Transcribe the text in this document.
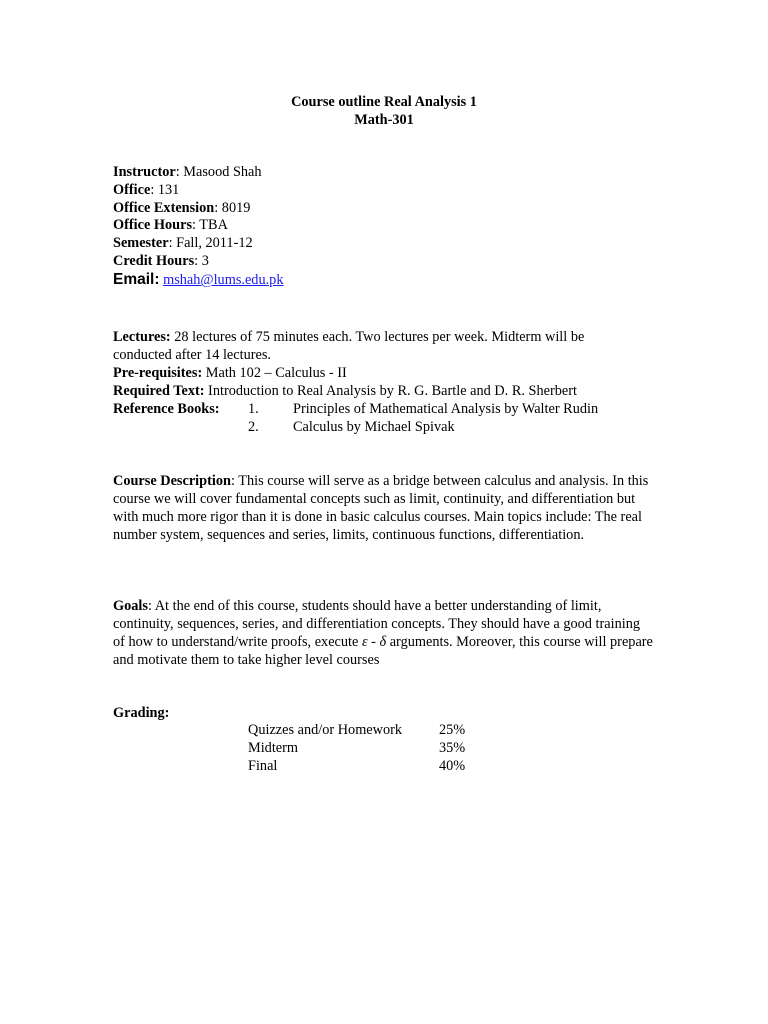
Course outline Real Analysis 1
Math-301
Instructor: Masood Shah
Office: 131
Office Extension: 8019
Office Hours: TBA
Semester: Fall, 2011-12
Credit Hours: 3
Email: mshah@lums.edu.pk
Lectures: 28 lectures of 75 minutes each. Two lectures per week. Midterm will be
conducted after 14 lectures.
Pre-requisites: Math 102 – Calculus - II
Required Text: Introduction to Real Analysis by R. G. Bartle and D. R. Sherbert
Reference Books: 1. Principles of Mathematical Analysis by Walter Rudin
2. Calculus by Michael Spivak
Course Description: This course will serve as a bridge between calculus and analysis. In this course we will cover fundamental concepts such as limit, continuity, and differentiation but with much more rigor than it is done in basic calculus courses. Main topics include: The real number system, sequences and series, limits, continuous functions, differentiation.
Goals: At the end of this course, students should have a better understanding of limit, continuity, sequences, series, and differentiation concepts. They should have a good training of how to understand/write proofs, execute ε - δ arguments. Moreover, this course will prepare and motivate them to take higher level courses
Grading:
Quizzes and/or Homework	25%
Midterm	35%
Final	40%
